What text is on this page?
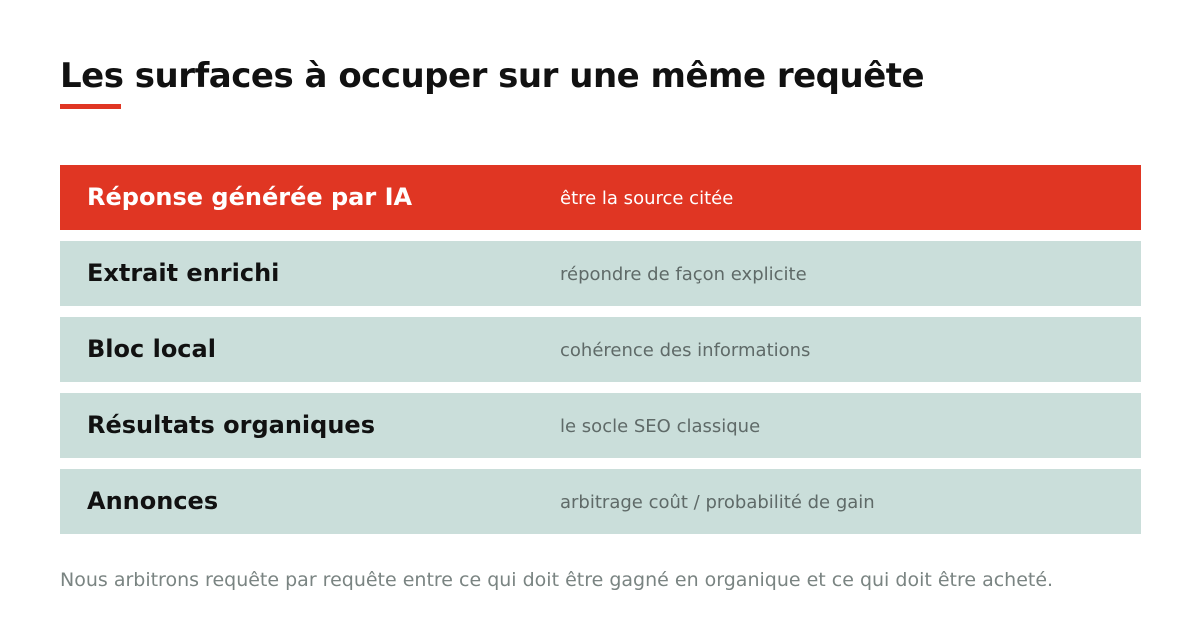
Les surfaces à occuper sur une même requête
Réponse générée par IA	être la source citée
Extrait enrichi	répondre de façon explicite
Bloc local	cohérence des informations
Résultats organiques	le socle SEO classique
Annonces	arbitrage coût / probabilité de gain

Nous arbitrons requête par requête entre ce qui doit être gagné en organique et ce qui doit être acheté.
